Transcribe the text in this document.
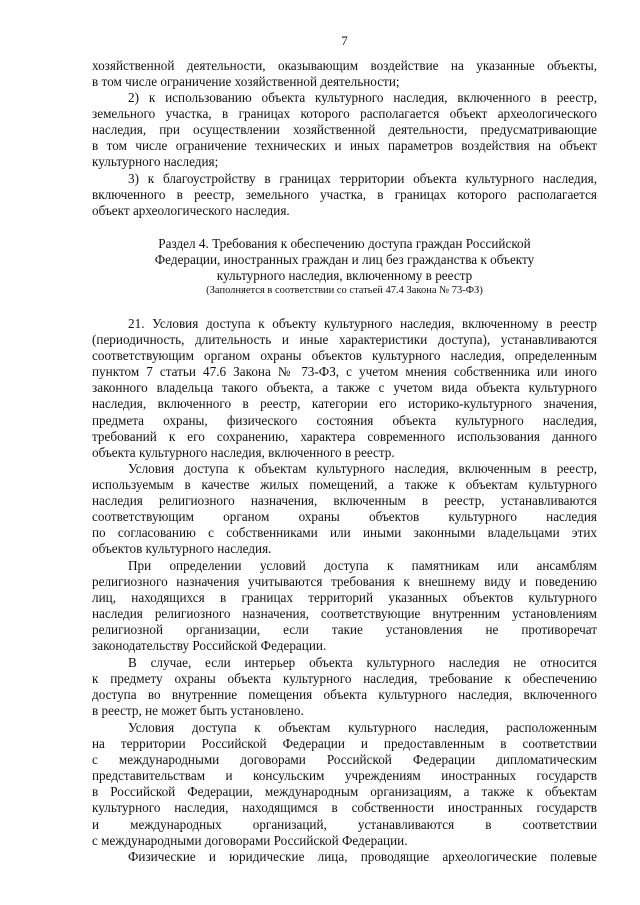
7
хозяйственной деятельности, оказывающим воздействие на указанные объекты,
в том числе ограничение хозяйственной деятельности;
2) к использованию объекта культурного наследия, включенного в реестр,
земельного участка, в границах которого располагается объект археологического
наследия, при осуществлении хозяйственной деятельности, предусматривающие
в том числе ограничение технических и иных параметров воздействия на объект
культурного наследия;
3) к благоустройству в границах территории объекта культурного наследия,
включенного в реестр, земельного участка, в границах которого располагается
объект археологического наследия.
Раздел 4. Требования к обеспечению доступа граждан Российской
Федерации, иностранных граждан и лиц без гражданства к объекту
культурного наследия, включенному в реестр
(Заполняется в соответствии со статьей 47.4 Закона № 73-ФЗ)
21. Условия доступа к объекту культурного наследия, включенному в реестр
(периодичность, длительность и иные характеристики доступа), устанавливаются
соответствующим органом охраны объектов культурного наследия, определенным
пунктом 7 статьи 47.6 Закона № 73-ФЗ, с учетом мнения собственника или иного
законного владельца такого объекта, а также с учетом вида объекта культурного
наследия, включенного в реестр, категории его историко-культурного значения,
предмета охраны, физического состояния объекта культурного наследия,
требований к его сохранению, характера современного использования данного
объекта культурного наследия, включенного в реестр.
Условия доступа к объектам культурного наследия, включенным в реестр,
используемым в качестве жилых помещений, а также к объектам культурного
наследия религиозного назначения, включенным в реестр, устанавливаются
соответствующим органом охраны объектов культурного наследия
по согласованию с собственниками или иными законными владельцами этих
объектов культурного наследия.
При определении условий доступа к памятникам или ансамблям
религиозного назначения учитываются требования к внешнему виду и поведению
лиц, находящихся в границах территорий указанных объектов культурного
наследия религиозного назначения, соответствующие внутренним установлениям
религиозной организации, если такие установления не противоречат
законодательству Российской Федерации.
В случае, если интерьер объекта культурного наследия не относится
к предмету охраны объекта культурного наследия, требование к обеспечению
доступа во внутренние помещения объекта культурного наследия, включенного
в реестр, не может быть установлено.
Условия доступа к объектам культурного наследия, расположенным
на территории Российской Федерации и предоставленным в соответствии
с международными договорами Российской Федерации дипломатическим
представительствам и консульским учреждениям иностранных государств
в Российской Федерации, международным организациям, а также к объектам
культурного наследия, находящимся в собственности иностранных государств
и международных организаций, устанавливаются в соответствии
с международными договорами Российской Федерации.
Физические и юридические лица, проводящие археологические полевые
